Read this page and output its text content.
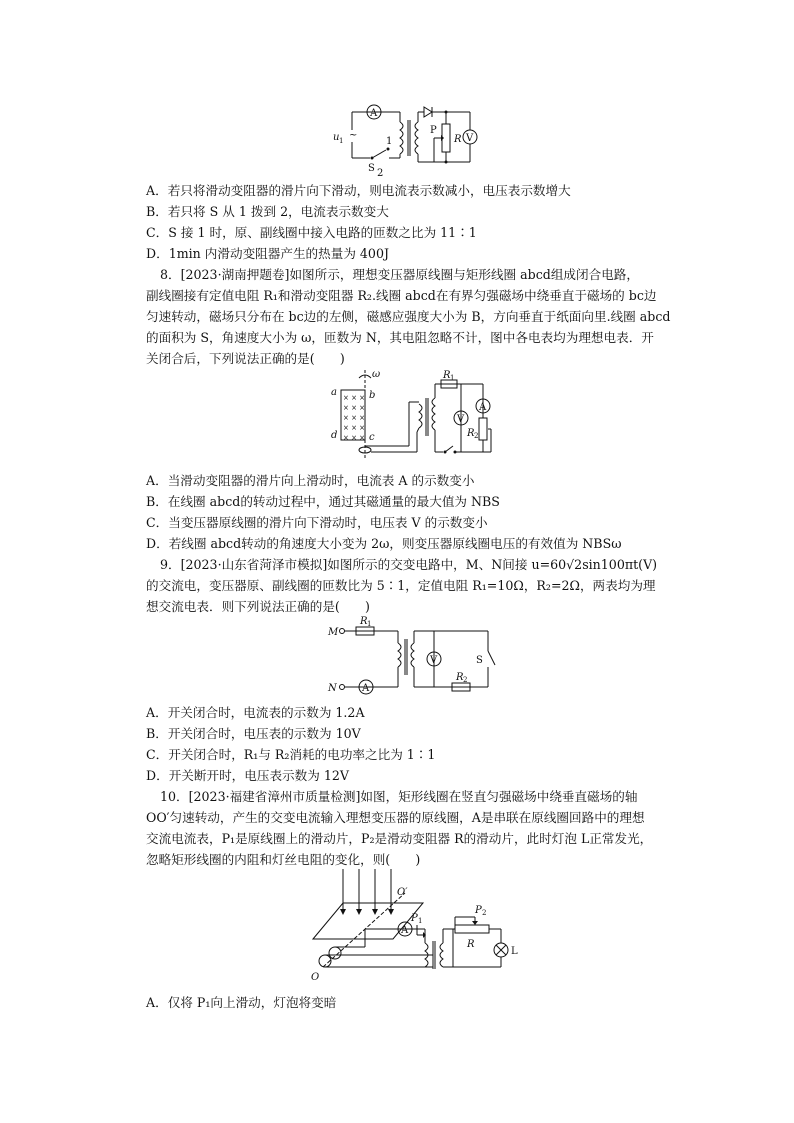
A
~
u 1
S
1
2
R
P
V
A．若只将滑动变阻器的滑片向下滑动，则电流表示数减小，电压表示数增大
B．若只将 S 从 1 拨到 2，电流表示数变大
C．S 接 1 时，原、副线圈中接入电路的匝数之比为 11∶1
D．1min 内滑动变阻器产生的热量为 400J
8．[2023·湖南押题卷]如图所示，理想变压器原线圈与矩形线圈 abcd组成闭合电路，
副线圈接有定值电阻 R₁和滑动变阻器 R₂.线圈 abcd在有界匀强磁场中绕垂直于磁场的 bc边
匀速转动，磁场只分布在 bc边的左侧，磁感应强度大小为 B，方向垂直于纸面向里.线圈 abcd
的面积为 S，角速度大小为 ω，匝数为 N，其电阻忽略不计，图中各电表均为理想电表．开
关闭合后，下列说法正确的是(　　)
ω
× × ×
× × ×
× × ×
× × ×
× × ×
a	b
c
d
R 1
A
V
R 2
A．当滑动变阻器的滑片向上滑动时，电流表 A 的示数变小
B．在线圈 abcd的转动过程中，通过其磁通量的最大值为 NBS
C．当变压器原线圈的滑片向下滑动时，电压表 V 的示数变小
D．若线圈 abcd转动的角速度大小变为 2ω，则变压器原线圈电压的有效值为 NBSω
9．[2023·山东省菏泽市模拟]如图所示的交变电路中，M、N间接 u=60√2sin100πt(V)
的交流电，变压器原、副线圈的匝数比为 5∶1，定值电阻 R₁=10Ω，R₂=2Ω，两表均为理
想交流电表．则下列说法正确的是(　　)
M
R 1
N	A
V
R 2
S
A．开关闭合时，电流表的示数为 1.2A
B．开关闭合时，电压表的示数为 10V
C．开关闭合时，R₁与 R₂消耗的电功率之比为 1∶1
D．开关断开时，电压表示数为 12V
10．[2023·福建省漳州市质量检测]如图，矩形线圈在竖直匀强磁场中绕垂直磁场的轴
OO′匀速转动，产生的交变电流输入理想变压器的原线圈，A是串联在原线圈回路中的理想
交流电流表，P₁是原线圈上的滑动片，P₂是滑动变阻器 R的滑动片，此时灯泡 L正常发光，
忽略矩形线圈的内阻和灯丝电阻的变化，则(　　)
O′
O
A
P 1
P 2
R
L
A．仅将 P₁向上滑动，灯泡将变暗
